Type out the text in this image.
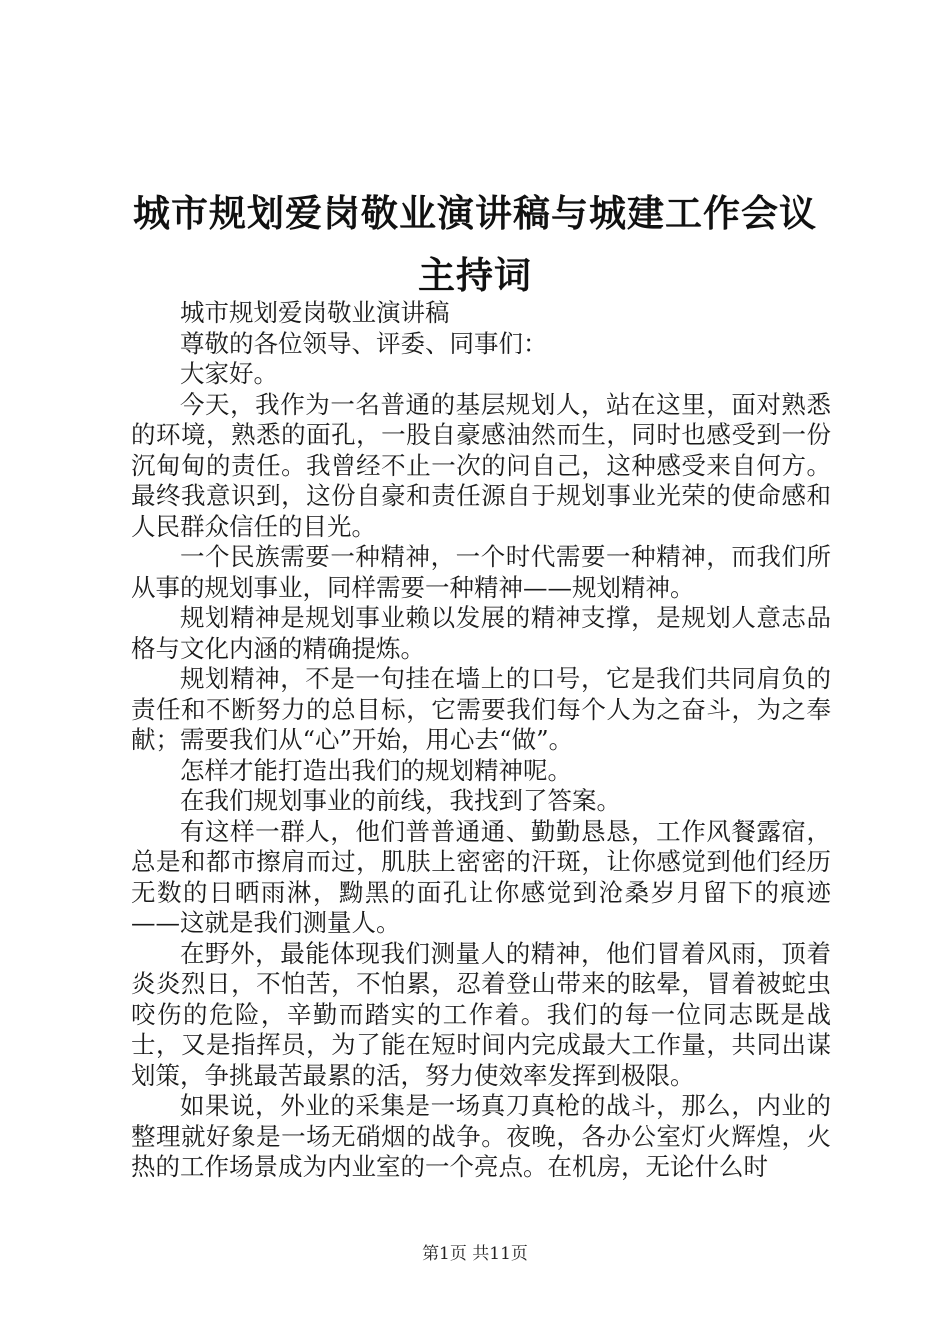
城市规划爱岗敬业演讲稿与城建工作会议主持词

城市规划爱岗敬业演讲稿

尊敬的各位领导、评委、同事们：

大家好。

今天，我作为一名普通的基层规划人，站在这里，面对熟悉的环境，熟悉的面孔，一股自豪感油然而生，同时也感受到一份沉甸甸的责任。我曾经不止一次的问自己，这种感受来自何方。最终我意识到，这份自豪和责任源自于规划事业光荣的使命感和人民群众信任的目光。

一个民族需要一种精神，一个时代需要一种精神，而我们所从事的规划事业，同样需要一种精神——规划精神。

规划精神是规划事业赖以发展的精神支撑，是规划人意志品格与文化内涵的精确提炼。

规划精神，不是一句挂在墙上的口号，它是我们共同肩负的责任和不断努力的总目标，它需要我们每个人为之奋斗，为之奉献；需要我们从“心”开始，用心去“做”。

怎样才能打造出我们的规划精神呢。

在我们规划事业的前线，我找到了答案。

有这样一群人，他们普普通通、勤勤恳恳，工作风餐露宿，总是和都市擦肩而过，肌肤上密密的汗斑，让你感觉到他们经历无数的日晒雨淋，黝黑的面孔让你感觉到沧桑岁月留下的痕迹——这就是我们测量人。

在野外，最能体现我们测量人的精神，他们冒着风雨，顶着炎炎烈日，不怕苦，不怕累，忍着登山带来的眩晕，冒着被蛇虫咬伤的危险，辛勤而踏实的工作着。我们的每一位同志既是战士，又是指挥员，为了能在短时间内完成最大工作量，共同出谋划策，争挑最苦最累的活，努力使效率发挥到极限。

如果说，外业的采集是一场真刀真枪的战斗，那么，内业的整理就好象是一场无硝烟的战争。夜晚，各办公室灯火辉煌，火热的工作场景成为内业室的一个亮点。在机房，无论什么时

第1页 共11页
